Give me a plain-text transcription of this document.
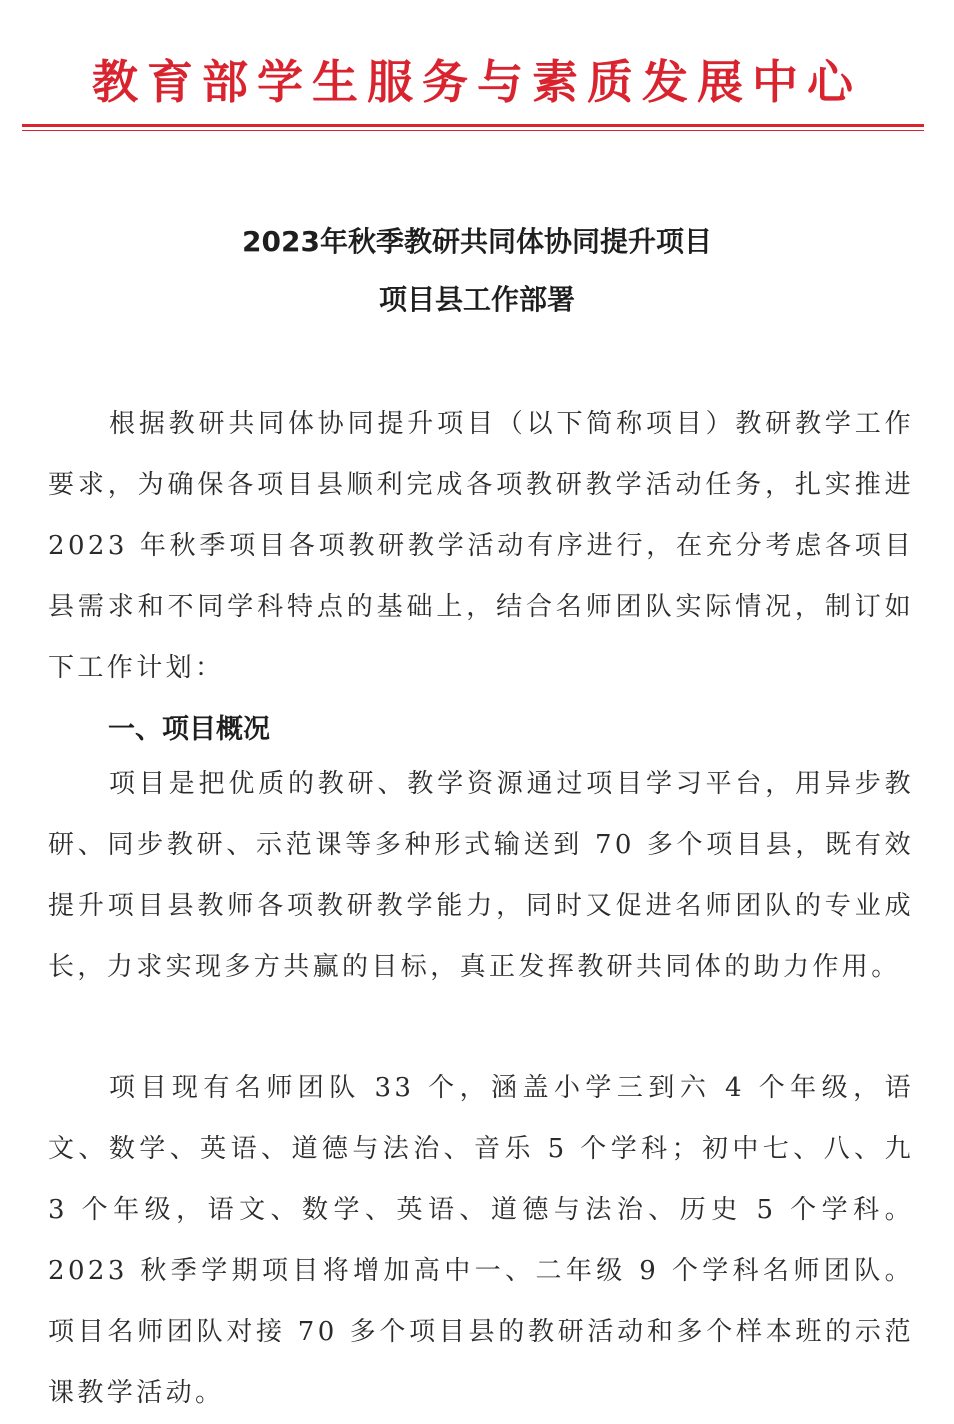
教育部学生服务与素质发展中心
2023年秋季教研共同体协同提升项目
项目县工作部署

根据教研共同体协同提升项目（以下简称项目）教研教学工作要求，为确保各项目县顺利完成各项教研教学活动任务，扎实推进 2023 年秋季项目各项教研教学活动有序进行，在充分考虑各项目县需求和不同学科特点的基础上，结合名师团队实际情况，制订如下工作计划：

一、项目概况

项目是把优质的教研、教学资源通过项目学习平台，用异步教研、同步教研、示范课等多种形式输送到 70 多个项目县，既有效提升项目县教师各项教研教学能力，同时又促进名师团队的专业成长，力求实现多方共赢的目标，真正发挥教研共同体的助力作用。

项目现有名师团队 33 个，涵盖小学三到六 4 个年级，语文、数学、英语、道德与法治、音乐 5 个学科；初中七、八、九 3 个年级，语文、数学、英语、道德与法治、历史 5 个学科。2023 秋季学期项目将增加高中一、二年级 9 个学科名师团队。项目名师团队对接 70 多个项目县的教研活动和多个样本班的示范课教学活动。
